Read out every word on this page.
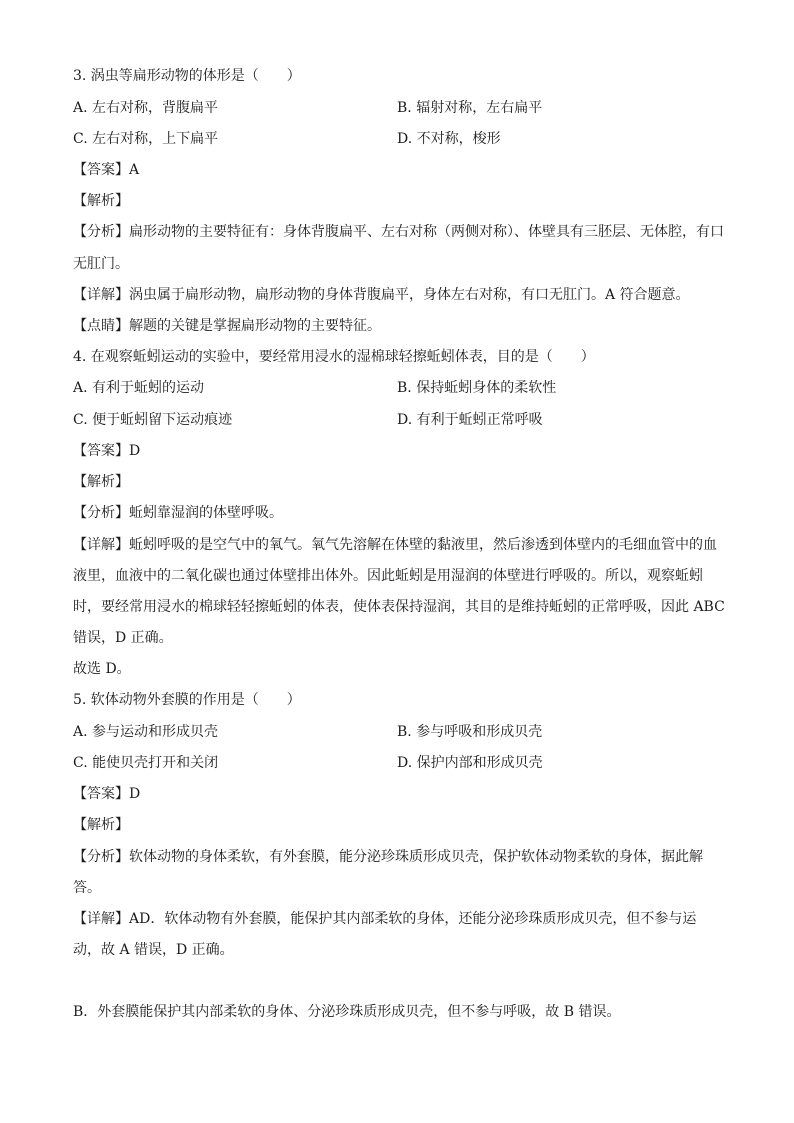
3. 涡虫等扁形动物的体形是（　　）
A. 左右对称，背腹扁平	B. 辐射对称，左右扁平
C. 左右对称，上下扁平	D. 不对称，梭形
【 答案 】 A
【 解析 】
【 分析 】 扁形动物的主要特征有：身体背腹扁平、左右对称（两侧对称）、体壁具有三胚层、无体腔，有口
无肛门。
【 详解 】 涡虫属于扁形动物，扁形动物的身体背腹扁平，身体左右对称，有口无肛门。A 符合题意。
【 点睛 】 解题的关键是掌握扁形动物的主要特征。
4. 在观察蚯蚓运动的实验中，要经常用浸水的湿棉球轻擦蚯蚓体表，目的是（　　）
A. 有利于蚯蚓的运动	B. 保持蚯蚓身体的柔软性
C. 便于蚯蚓留下运动痕迹	D. 有利于蚯蚓正常呼吸
【 答案 】 D
【 解析 】
【 分析 】 蚯蚓靠湿润的体壁呼吸。
【 详解 】 蚯蚓呼吸的是空气中的氧气。氧气先溶解在体壁的黏液里，然后渗透到体壁内的毛细血管中的血
液里，血液中的二氧化碳也通过体壁排出体外。因此蚯蚓是用湿润的体壁进行呼吸的。所以，观察蚯蚓
时，要经常用浸水的棉球轻轻擦蚯蚓的体表，使体表保持湿润，其目的是维持蚯蚓的正常呼吸，因此 ABC
错误，D 正确。
故选 D。
5. 软体动物外套膜的作用是（　　）
A. 参与运动和形成贝壳	B. 参与呼吸和形成贝壳
C. 能使贝壳打开和关闭	D. 保护内部和形成贝壳
【 答案 】 D
【 解析 】
【 分析 】 软体动物的身体柔软，有外套膜，能分泌珍珠质形成贝壳，保护软体动物柔软的身体，据此解
答。
【 详解 】 AD．软体动物有外套膜，能保护其内部柔软的身体，还能分泌珍珠质形成贝壳，但不参与运
动，故 A 错误，D 正确。
B．外套膜能保护其内部柔软的身体、分泌珍珠质形成贝壳，但不参与呼吸，故 B 错误。
